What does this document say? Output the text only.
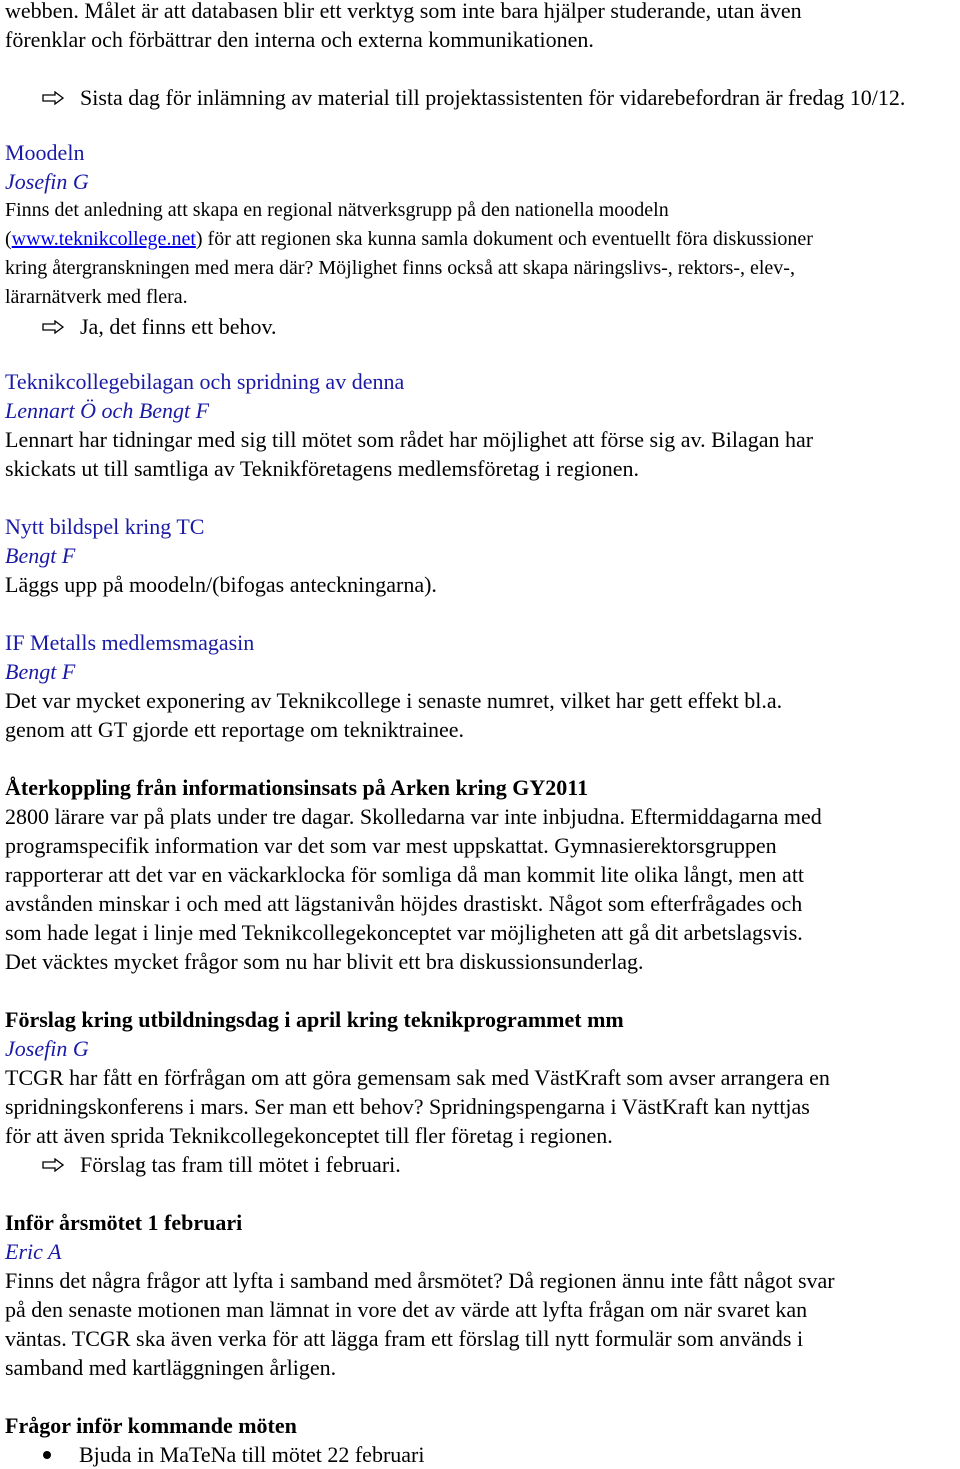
webben. Målet är att databasen blir ett verktyg som inte bara hjälper studerande, utan även

förenklar och förbättrar den interna och externa kommunikationen.

Sista dag för inlämning av material till projektassistenten för vidarebefordran är fredag 10/12.

Moodeln

Josefin G

Finns det anledning att skapa en regional nätverksgrupp på den nationella moodeln

(www.teknikcollege.net) för att regionen ska kunna samla dokument och eventuellt föra diskussioner

kring återgranskningen med mera där? Möjlighet finns också att skapa näringslivs-, rektors-, elev-,

lärarnätverk med flera.

Ja, det finns ett behov.

Teknikcollegebilagan och spridning av denna

Lennart Ö och Bengt F

Lennart har tidningar med sig till mötet som rådet har möjlighet att förse sig av. Bilagan har

skickats ut till samtliga av Teknikföretagens medlemsföretag i regionen.

Nytt bildspel kring TC

Bengt F

Läggs upp på moodeln/(bifogas anteckningarna).

IF Metalls medlemsmagasin

Bengt F

Det var mycket exponering av Teknikcollege i senaste numret, vilket har gett effekt bl.a.

genom att GT gjorde ett reportage om tekniktrainee.

Återkoppling från informationsinsats på Arken kring GY2011

2800 lärare var på plats under tre dagar. Skolledarna var inte inbjudna. Eftermiddagarna med

programspecifik information var det som var mest uppskattat. Gymnasierektorsgruppen

rapporterar att det var en väckarklocka för somliga då man kommit lite olika långt, men att

avstånden minskar i och med att lägstanivån höjdes drastiskt. Något som efterfrågades och

som hade legat i linje med Teknikcollegekonceptet var möjligheten att gå dit arbetslagsvis.

Det väcktes mycket frågor som nu har blivit ett bra diskussionsunderlag.

Förslag kring utbildningsdag i april kring teknikprogrammet mm

Josefin G

TCGR har fått en förfrågan om att göra gemensam sak med VästKraft som avser arrangera en

spridningskonferens i mars. Ser man ett behov? Spridningspengarna i VästKraft kan nyttjas

för att även sprida Teknikcollegekonceptet till fler företag i regionen.

Förslag tas fram till mötet i februari.

Inför årsmötet 1 februari

Eric A

Finns det några frågor att lyfta i samband med årsmötet? Då regionen ännu inte fått något svar

på den senaste motionen man lämnat in vore det av värde att lyfta frågan om när svaret kan

väntas. TCGR ska även verka för att lägga fram ett förslag till nytt formulär som används i

samband med kartläggningen årligen.

Frågor inför kommande möten

Bjuda in MaTeNa till mötet 22 februari
